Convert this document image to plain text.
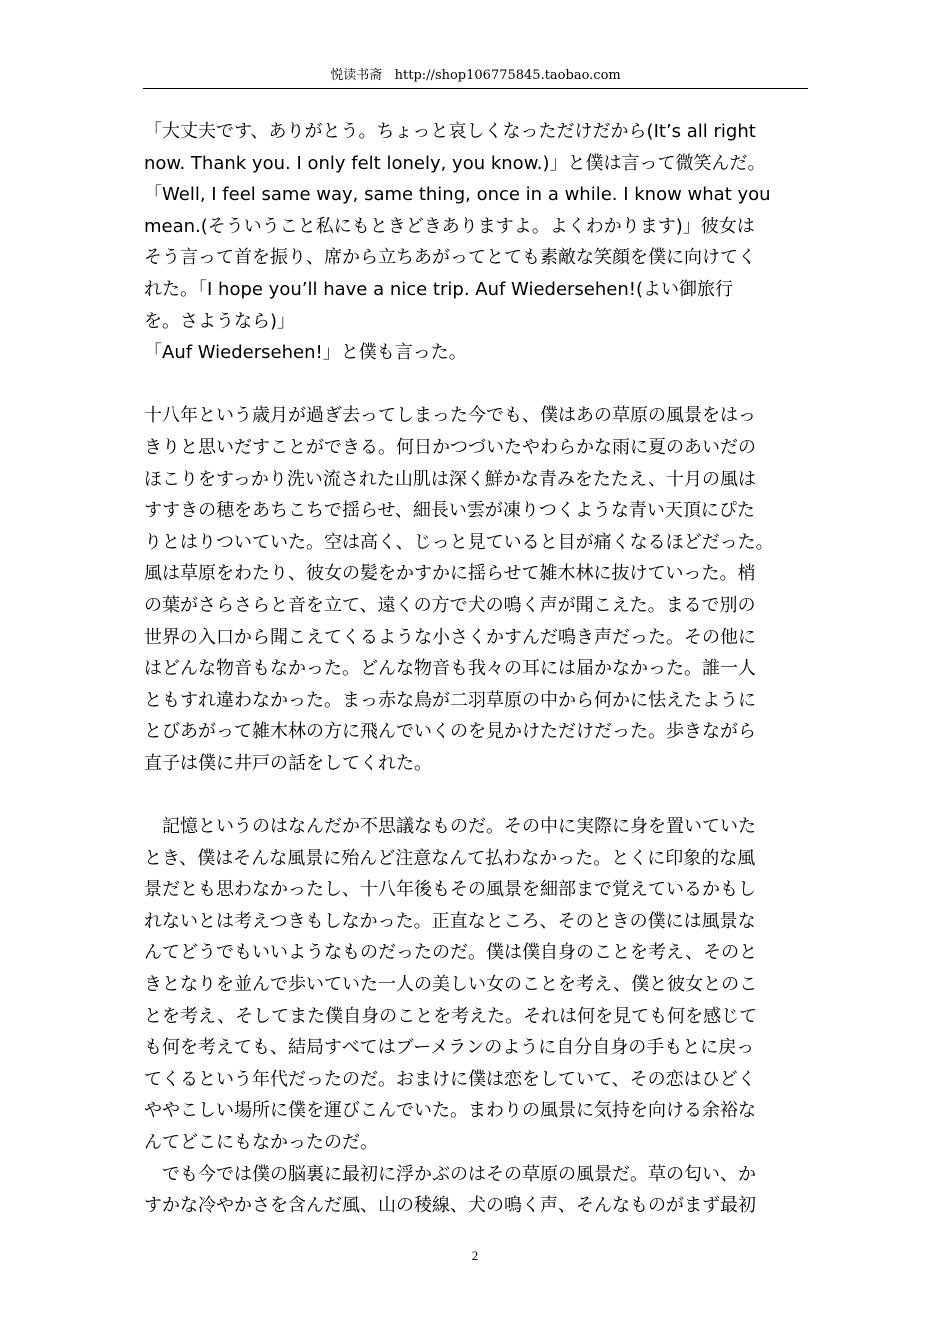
悦读书斋 http://shop106775845.taobao.com
「大丈夫です、ありがとう。ちょっと哀しくなっただけだから(It’s all right
now. Thank you. I only felt lonely, you know.)」と僕は言って微笑んだ。
「Well, I feel same way, same thing, once in a while. I know what you
mean.(そういうこと私にもときどきありますよ。よくわかります)」彼女は
そう言って首を振り、席から立ちあがってとても素敵な笑顔を僕に向けてく
れた。「I hope you’ll have a nice trip. Auf Wiedersehen!(よい御旅行
を。さようなら)」
「Auf Wiedersehen!」と僕も言った。
十八年という歳月が過ぎ去ってしまった今でも、僕はあの草原の風景をはっ
きりと思いだすことができる。何日かつづいたやわらかな雨に夏のあいだの
ほこりをすっかり洗い流された山肌は深く鮮かな青みをたたえ、十月の風は
すすきの穂をあちこちで揺らせ、細長い雲が凍りつくような青い天頂にぴた
りとはりついていた。空は高く、じっと見ていると目が痛くなるほどだった。
風は草原をわたり、彼女の髪をかすかに揺らせて雑木林に抜けていった。梢
の葉がさらさらと音を立て、遠くの方で犬の鳴く声が聞こえた。まるで別の
世界の入口から聞こえてくるような小さくかすんだ鳴き声だった。その他に
はどんな物音もなかった。どんな物音も我々の耳には届かなかった。誰一人
ともすれ違わなかった。まっ赤な鳥が二羽草原の中から何かに怯えたように
とびあがって雑木林の方に飛んでいくのを見かけただけだった。歩きながら
直子は僕に井戸の話をしてくれた。
　記憶というのはなんだか不思議なものだ。その中に実際に身を置いていた
とき、僕はそんな風景に殆んど注意なんて払わなかった。とくに印象的な風
景だとも思わなかったし、十八年後もその風景を細部まで覚えているかもし
れないとは考えつきもしなかった。正直なところ、そのときの僕には風景な
んてどうでもいいようなものだったのだ。僕は僕自身のことを考え、そのと
きとなりを並んで歩いていた一人の美しい女のことを考え、僕と彼女とのこ
とを考え、そしてまた僕自身のことを考えた。それは何を見ても何を感じて
も何を考えても、結局すべてはブーメランのように自分自身の手もとに戻っ
てくるという年代だったのだ。おまけに僕は恋をしていて、その恋はひどく
ややこしい場所に僕を運びこんでいた。まわりの風景に気持を向ける余裕な
んてどこにもなかったのだ。
　でも今では僕の脳裏に最初に浮かぶのはその草原の風景だ。草の匂い、か
すかな冷やかさを含んだ風、山の稜線、犬の鳴く声、そんなものがまず最初
2
